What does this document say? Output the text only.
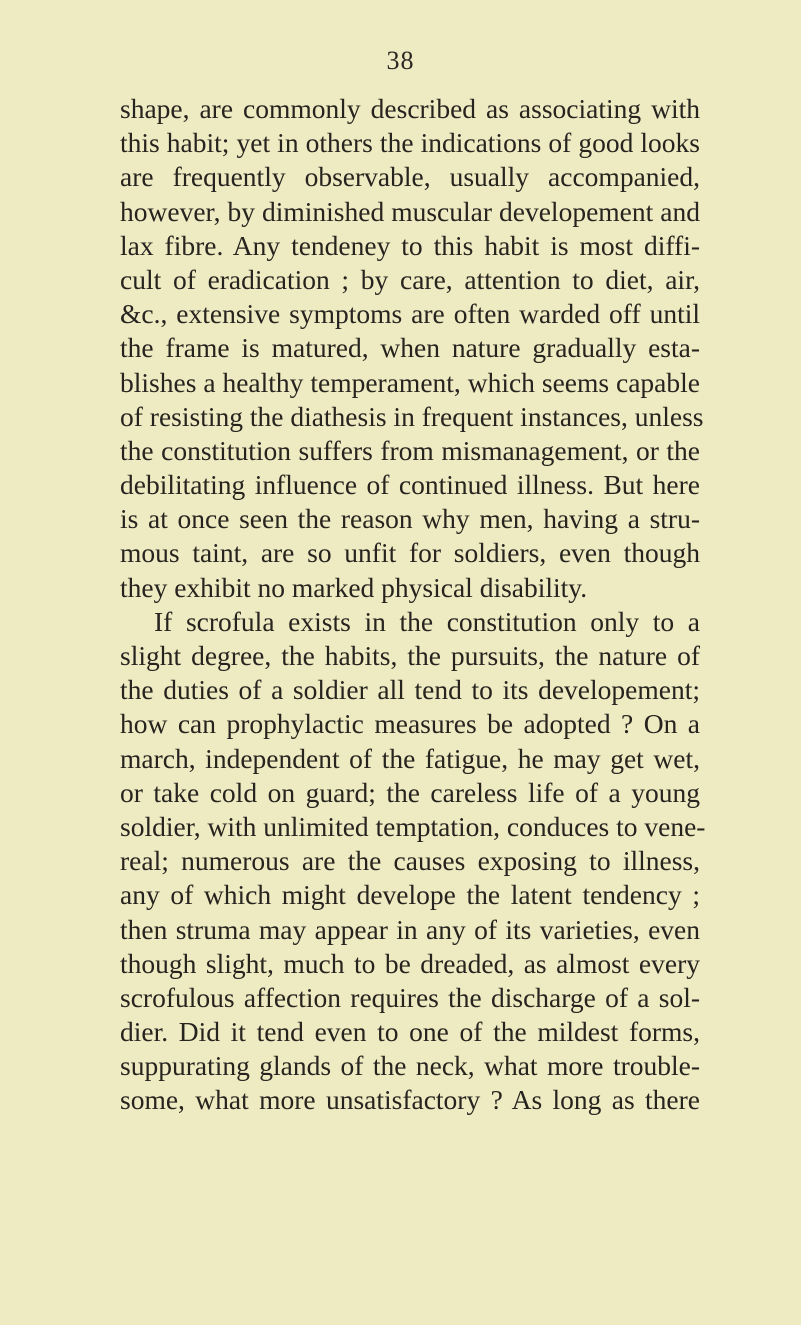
38
shape, are commonly described as associating with
this habit; yet in others the indications of good looks
are frequently observable, usually accompanied,
however, by diminished muscular developement and
lax fibre. Any tendeney to this habit is most diffi-
cult of eradication ; by care, attention to diet, air,
&c., extensive symptoms are often warded off until
the frame is matured, when nature gradually esta-
blishes a healthy temperament, which seems capable
of resisting the diathesis in frequent instances, unless
the constitution suffers from mismanagement, or the
debilitating influence of continued illness. But here
is at once seen the reason why men, having a stru-
mous taint, are so unfit for soldiers, even though
they exhibit no marked physical disability.
If scrofula exists in the constitution only to a
slight degree, the habits, the pursuits, the nature of
the duties of a soldier all tend to its developement;
how can prophylactic measures be adopted ? On a
march, independent of the fatigue, he may get wet,
or take cold on guard; the careless life of a young
soldier, with unlimited temptation, conduces to vene-
real; numerous are the causes exposing to illness,
any of which might develope the latent tendency ;
then struma may appear in any of its varieties, even
though slight, much to be dreaded, as almost every
scrofulous affection requires the discharge of a sol-
dier. Did it tend even to one of the mildest forms,
suppurating glands of the neck, what more trouble-
some, what more unsatisfactory ? As long as there
